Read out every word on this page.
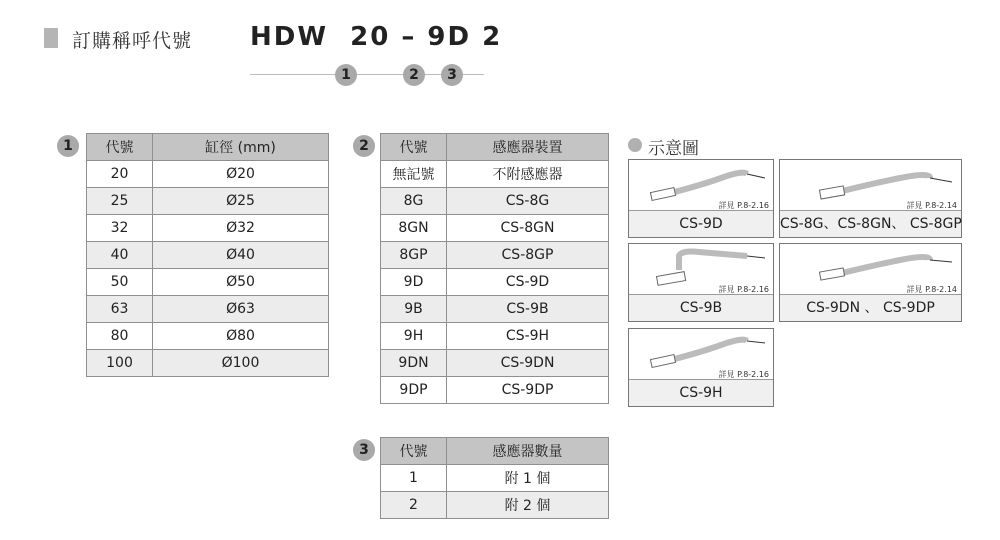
訂購稱呼代號 HDW  20 – 9D 2
1	2	3
1	代號	缸徑 (mm)
20	Ø20
25	Ø25
32	Ø32
40	Ø40
50	Ø50
63	Ø63
80	Ø80
100	Ø100
2	代號	感應器裝置
無記號	不附感應器
8G	CS-8G
8GN	CS-8GN
8GP	CS-8GP
9D	CS-9D
9B	CS-9B
9H	CS-9H
9DN	CS-9DN
9DP	CS-9DP
3	代號	感應器數量
1	附 1 個
2	附 2 個
示意圖
詳見 P.8-2.16
CS-9D
詳見 P.8-2.14
CS-8G、CS-8GN、 CS-8GP
詳見 P.8-2.16
CS-9B
詳見 P.8-2.14
CS-9DN 、 CS-9DP
詳見 P.8-2.16
CS-9H
